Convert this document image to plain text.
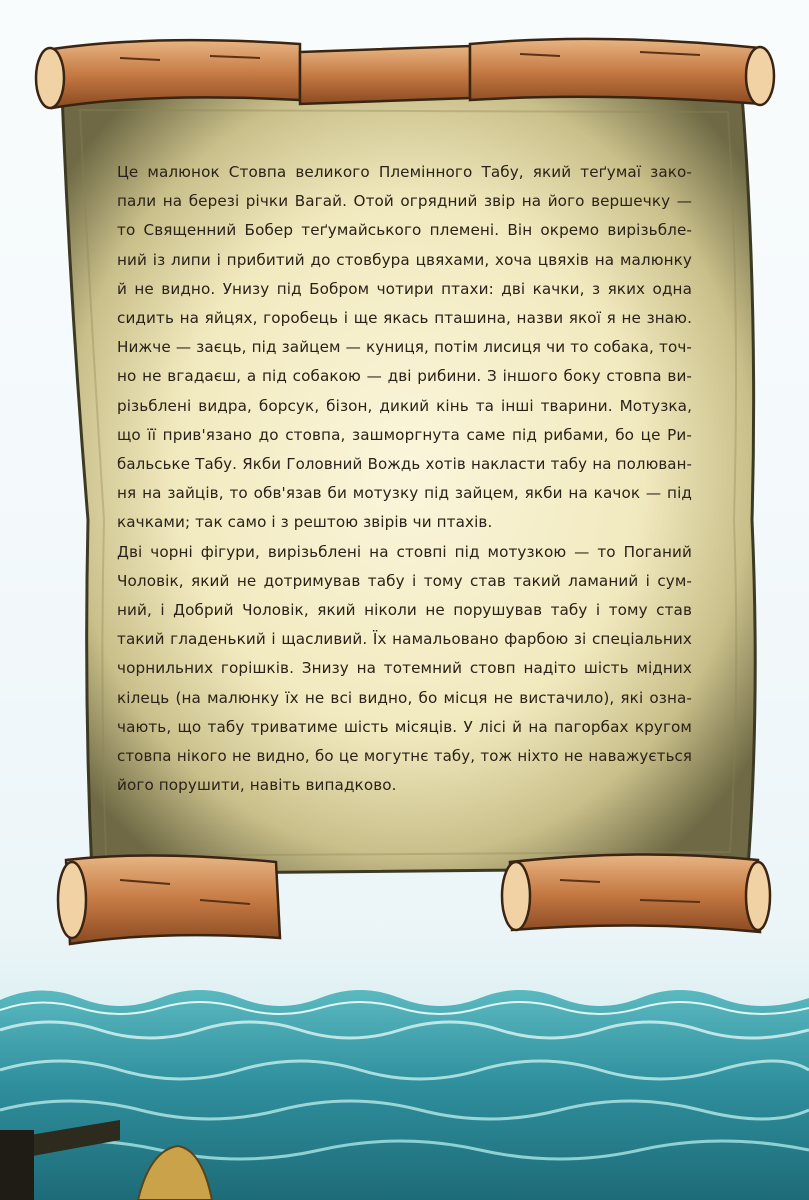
Це малюнок Стовпа великого Племінного Табу, який теґумаї зако-
пали на березі річки Вагай. Отой огрядний звір на його вершечку —
то Священний Бобер теґумайського племені. Він окремо вирізьбле-
ний із липи і прибитий до стовбура цвяхами, хоча цвяхів на малюнку
й не видно. Унизу під Бобром чотири птахи: дві качки, з яких одна
сидить на яйцях, горобець і ще якась пташина, назви якої я не знаю.
Нижче — заєць, під зайцем — куниця, потім лисиця чи то собака, точ-
но не вгадаєш, а під собакою — дві рибини. З іншого боку стовпа ви-
різьблені видра, борсук, бізон, дикий кінь та інші тварини. Мотузка,
що її прив'язано до стовпа, зашморгнута саме під рибами, бо це Ри-
бальське Табу. Якби Головний Вождь хотів накласти табу на полюван-
ня на зайців, то обв'язав би мотузку під зайцем, якби на качок — під
качками; так само і з рештою звірів чи птахів.

Дві чорні фігури, вирізьблені на стовпі під мотузкою — то Поганий
Чоловік, який не дотримував табу і тому став такий ламаний і сум-
ний, і Добрий Чоловік, який ніколи не порушував табу і тому став
такий гладенький і щасливий. Їх намальовано фарбою зі спеціальних
чорнильних горішків. Знизу на тотемний стовп надіто шість мідних
кілець (на малюнку їх не всі видно, бо місця не вистачило), які озна-
чають, що табу триватиме шість місяців. У лісі й на пагорбах кругом
стовпа нікого не видно, бо це могутнє табу, тож ніхто не наважується
його порушити, навіть випадково.
